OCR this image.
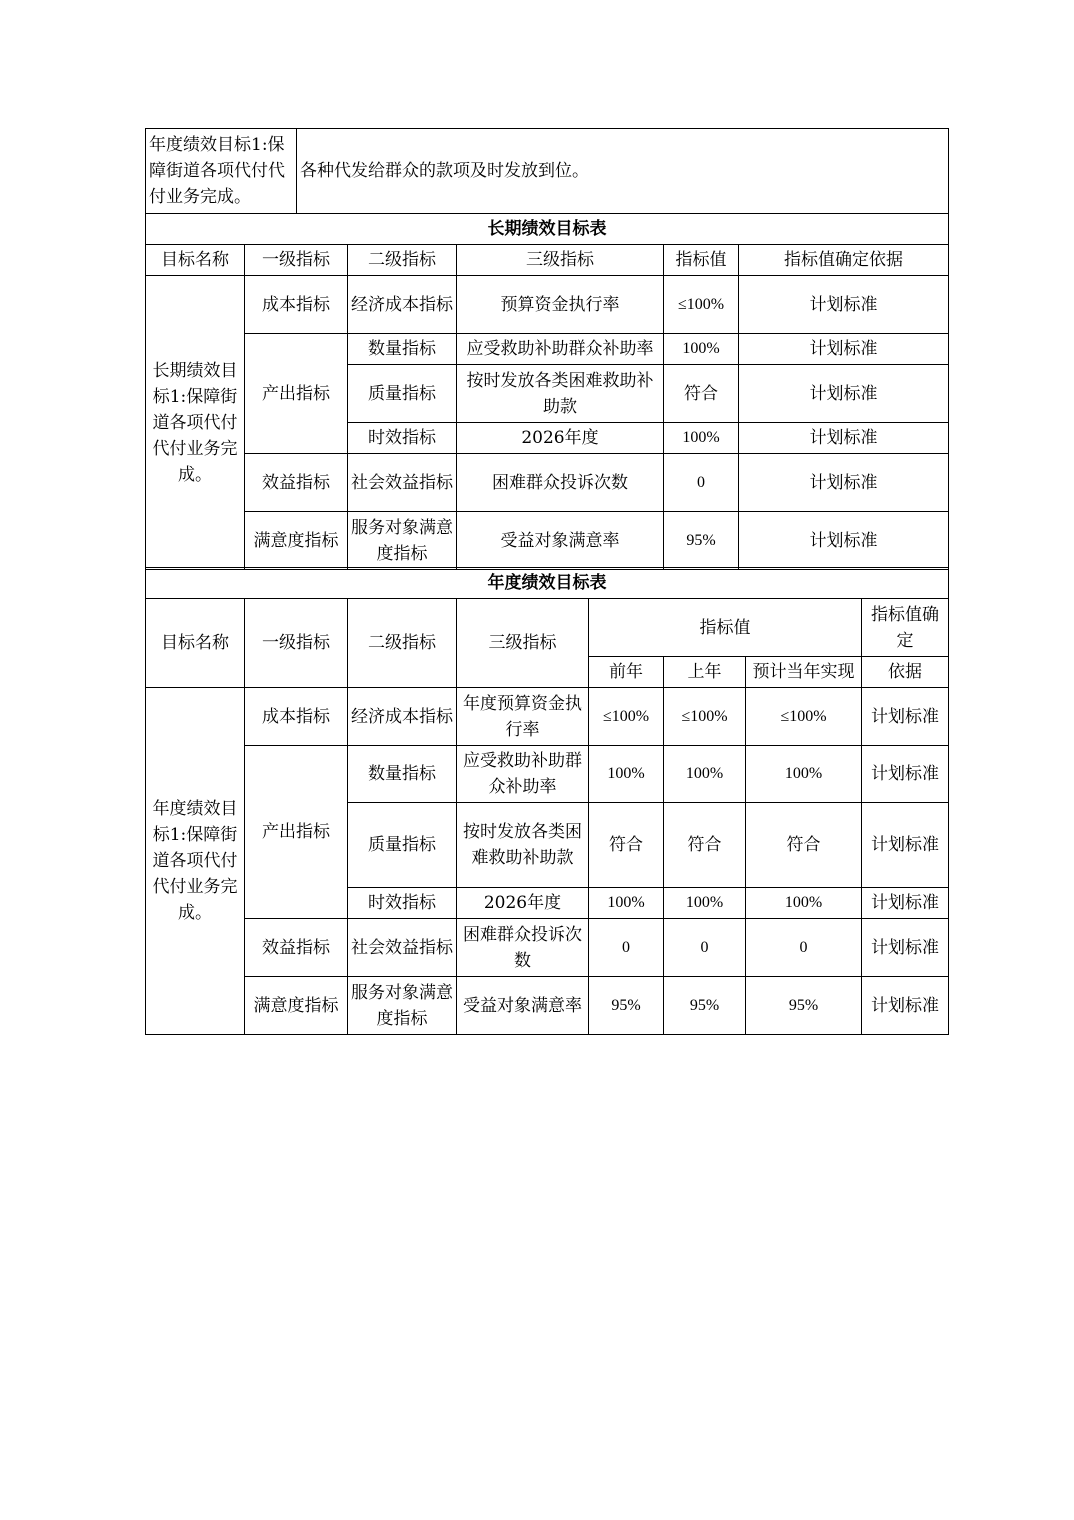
年度绩效目标1:保障街道各项代付代付业务完成。	各种代发给群众的款项及时发放到位。
长期绩效目标表					
目标名称	一级指标	二级指标	三级指标	指标值	指标值确定依据
长期绩效目标1:保障街道各项代付代付业务完成。	成本指标	经济成本指标	预算资金执行率	≤100%	计划标准
	产出指标	数量指标	应受救助补助群众补助率	100%	计划标准
		质量指标	按时发放各类困难救助补助款	符合	计划标准
		时效指标	2026年度	100%	计划标准
	效益指标	社会效益指标	困难群众投诉次数	0	计划标准
	满意度指标	服务对象满意度指标	受益对象满意率	95%	计划标准
年度绩效目标表							
目标名称	一级指标	二级指标	三级指标	指标值			指标值确定
				前年	上年	预计当年实现	依据
年度绩效目标1:保障街道各项代付代付业务完成。	成本指标	经济成本指标	年度预算资金执行率	≤100%	≤100%	≤100%	计划标准
	产出指标	数量指标	应受救助补助群众补助率	100%	100%	100%	计划标准
		质量指标	按时发放各类困难救助补助款	符合	符合	符合	计划标准
		时效指标	2026年度	100%	100%	100%	计划标准
	效益指标	社会效益指标	困难群众投诉次数	0	0	0	计划标准
	满意度指标	服务对象满意度指标	受益对象满意率	95%	95%	95%	计划标准
